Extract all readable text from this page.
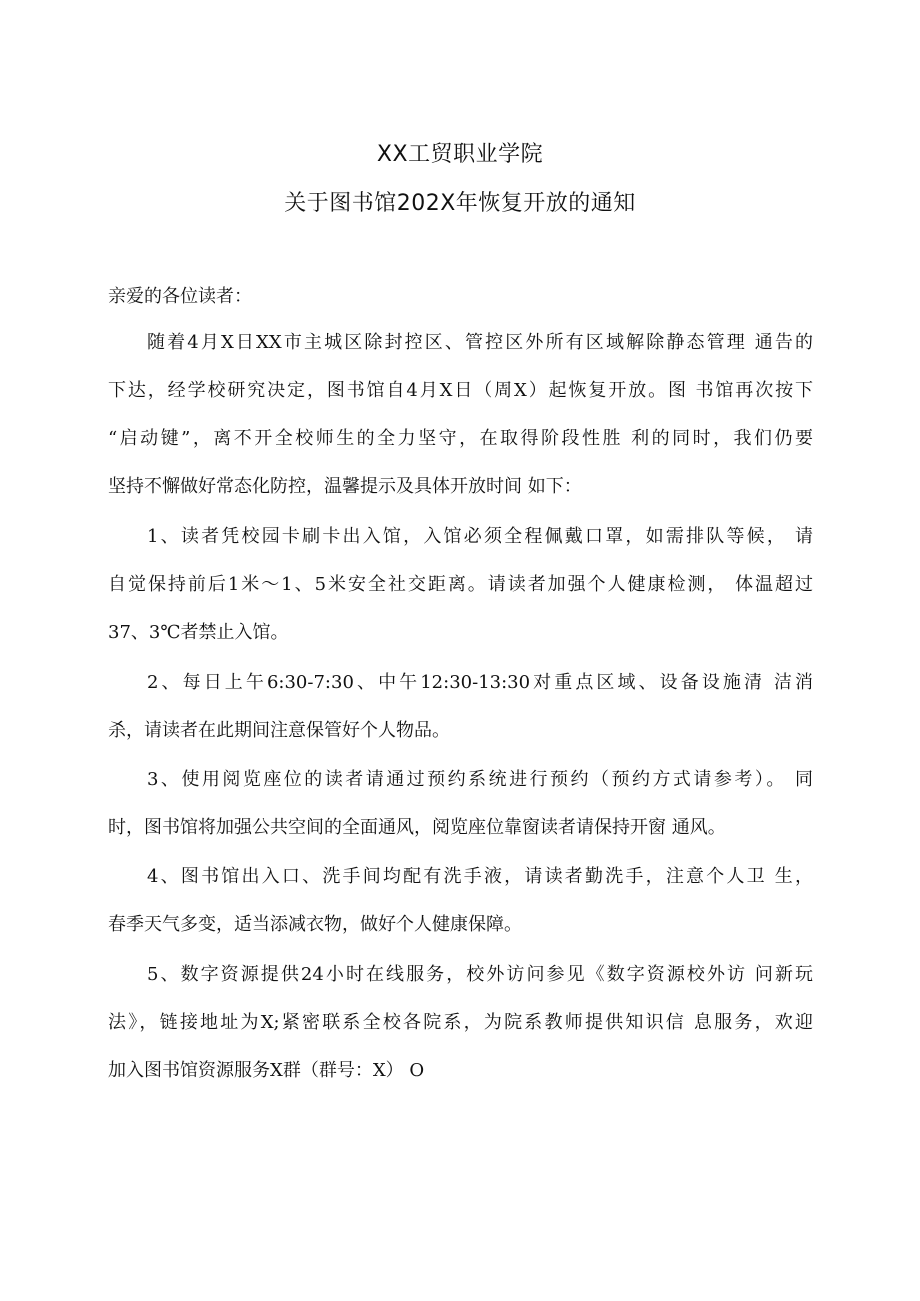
XX工贸职业学院
关于图书馆202X年恢复开放的通知
亲爱的各位读者：
随着4月X日XX市主城区除封控区、管控区外所有区域解除静态管理 通告的
下达，经学校研究决定，图书馆自4月X日（周X）起恢复开放。图 书馆再次按下
“启动键”，离不开全校师生的全力坚守，在取得阶段性胜 利的同时，我们仍要
坚持不懈做好常态化防控，温馨提示及具体开放时间 如下：
1、读者凭校园卡刷卡出入馆，入馆必须全程佩戴口罩，如需排队等候， 请
自觉保持前后1米〜1、5米安全社交距离。请读者加强个人健康检测， 体温超过
37、3℃者禁止入馆。
2、每日上午6:30-7:30、中午12:30-13:30对重点区域、设备设施清 洁消
杀，请读者在此期间注意保管好个人物品。
3、使用阅览座位的读者请通过预约系统进行预约（预约方式请参考）。 同
时，图书馆将加强公共空间的全面通风，阅览座位靠窗读者请保持开窗 通风。
4、图书馆出入口、洗手间均配有洗手液，请读者勤洗手，注意个人卫 生，
春季天气多变，适当添减衣物，做好个人健康保障。
5、数字资源提供24小时在线服务，校外访问参见《数字资源校外访 问新玩
法》，链接地址为X;紧密联系全校各院系，为院系教师提供知识信 息服务，欢迎
加入图书馆资源服务X群（群号：X） O
